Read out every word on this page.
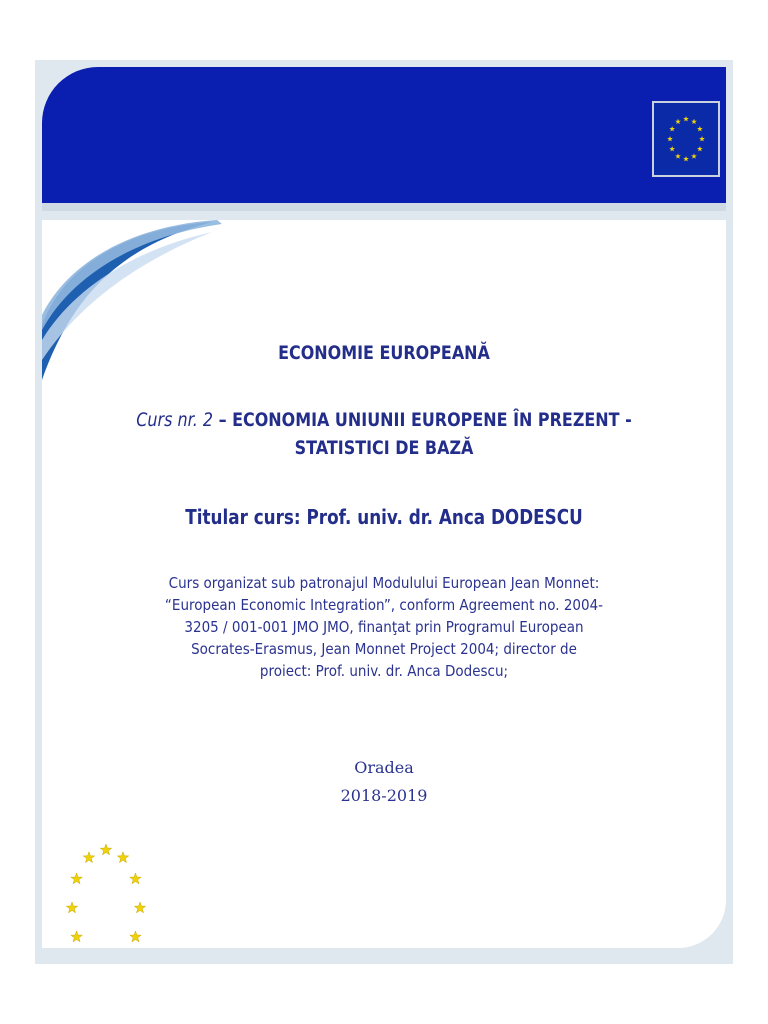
ECONOMIE EUROPEANĂ
Curs nr. 2 – ECONOMIA UNIUNII EUROPENE ÎN PREZENT -
STATISTICI DE BAZĂ
Titular curs: Prof. univ. dr. Anca DODESCU
Curs organizat sub patronajul Modulului European Jean Monnet: “European Economic Integration”, conform Agreement no. 2004-3205 / 001-001 JMO JMO, finanţat prin Programul European Socrates-Erasmus, Jean Monnet Project 2004; director de proiect: Prof. univ. dr. Anca Dodescu;
Oradea
2018-2019
